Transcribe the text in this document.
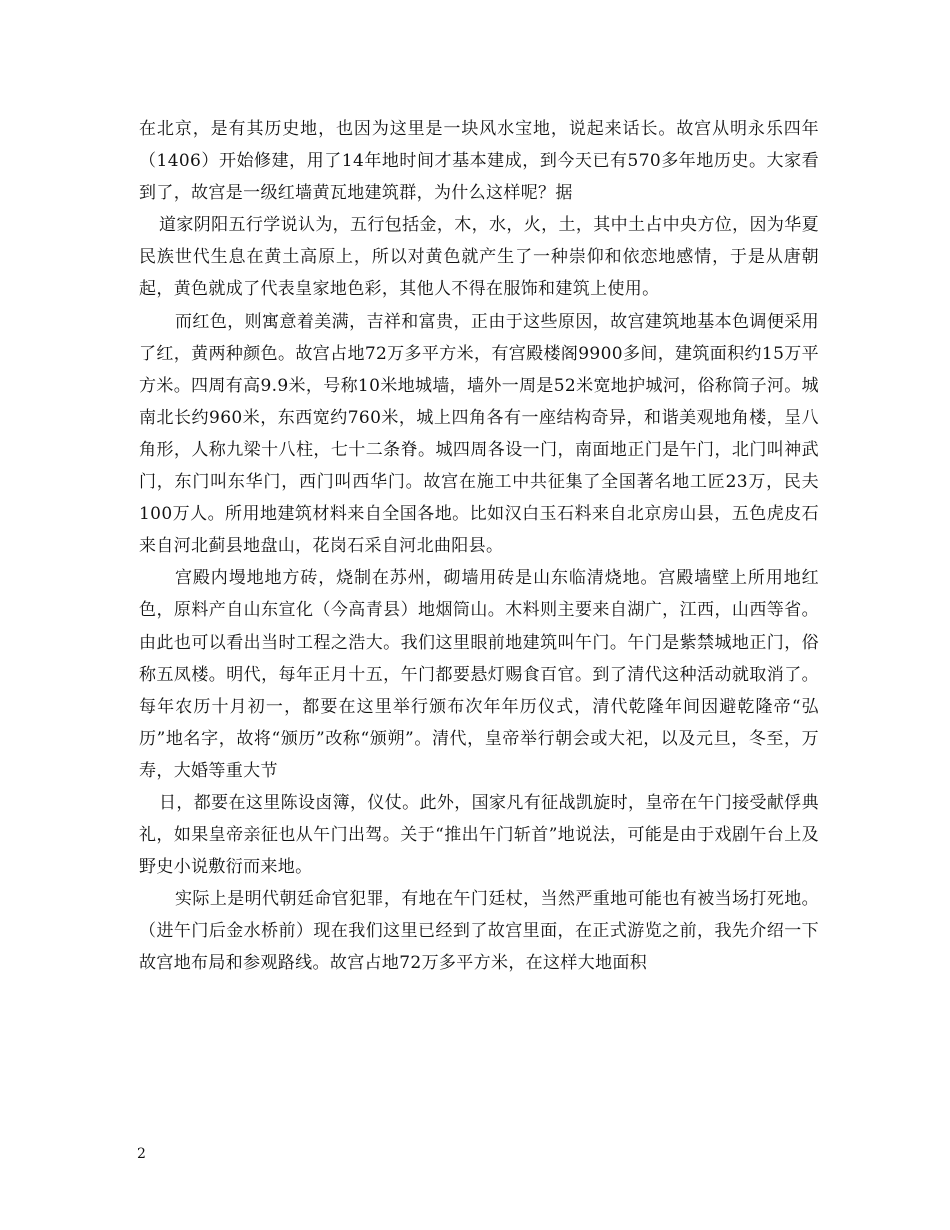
在北京，是有其历史地，也因为这里是一块风水宝地，说起来话长。故宫从明永乐四年（1406）开始修建，用了14年地时间才基本建成，到今天已有570多年地历史。大家看到了，故宫是一级红墙黄瓦地建筑群，为什么这样呢？据

道家阴阳五行学说认为，五行包括金，木，水，火，土，其中土占中央方位，因为华夏民族世代生息在黄土高原上，所以对黄色就产生了一种崇仰和依恋地感情，于是从唐朝起，黄色就成了代表皇家地色彩，其他人不得在服饰和建筑上使用。

而红色，则寓意着美满，吉祥和富贵，正由于这些原因，故宫建筑地基本色调便采用了红，黄两种颜色。故宫占地72万多平方米，有宫殿楼阁9900多间，建筑面积约15万平方米。四周有高9.9米，号称10米地城墙，墙外一周是52米宽地护城河，俗称筒子河。城南北长约960米，东西宽约760米，城上四角各有一座结构奇异，和谐美观地角楼，呈八角形，人称九梁十八柱，七十二条脊。城四周各设一门，南面地正门是午门，北门叫神武门，东门叫东华门，西门叫西华门。故宫在施工中共征集了全国著名地工匠23万，民夫100万人。所用地建筑材料来自全国各地。比如汉白玉石料来自北京房山县，五色虎皮石来自河北蓟县地盘山，花岗石采自河北曲阳县。

宫殿内墁地地方砖，烧制在苏州，砌墙用砖是山东临清烧地。宫殿墙壁上所用地红色，原料产自山东宣化（今高青县）地烟筒山。木料则主要来自湖广，江西，山西等省。由此也可以看出当时工程之浩大。我们这里眼前地建筑叫午门。午门是紫禁城地正门，俗称五凤楼。明代，每年正月十五，午门都要悬灯赐食百官。到了清代这种活动就取消了。每年农历十月初一，都要在这里举行颁布次年年历仪式，清代乾隆年间因避乾隆帝“弘历”地名字，故将“颁历”改称“颁朔”。清代，皇帝举行朝会或大祀，以及元旦，冬至，万寿，大婚等重大节

日，都要在这里陈设卤簿，仪仗。此外，国家凡有征战凯旋时，皇帝在午门接受献俘典礼，如果皇帝亲征也从午门出驾。关于“推出午门斩首”地说法，可能是由于戏剧午台上及野史小说敷衍而来地。

实际上是明代朝廷命官犯罪，有地在午门廷杖，当然严重地可能也有被当场打死地。（进午门后金水桥前）现在我们这里已经到了故宫里面，在正式游览之前，我先介绍一下故宫地布局和参观路线。故宫占地72万多平方米，在这样大地面积

2
